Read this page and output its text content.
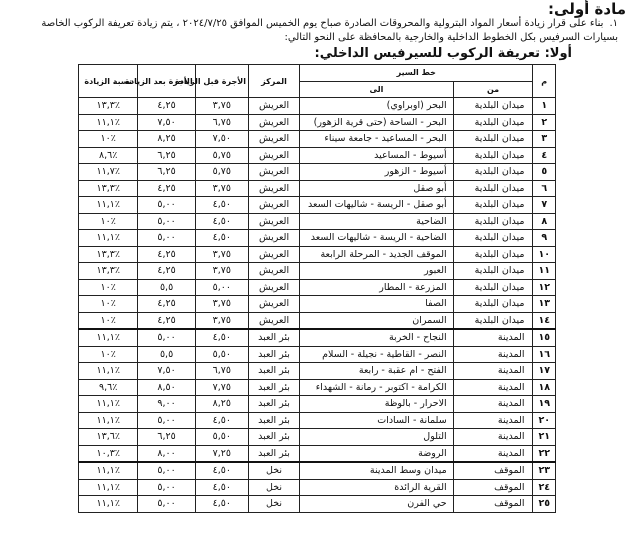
مادة أولى:
١.بناء على قرار زيادة أسعار المواد البترولية والمحروقات الصادرة صباح يوم الخميس الموافق ٢٠٢٤/٧/٢٥ ، يتم زيادة تعريفة الركوب الخاصة بسيارات السرفيس بكل الخطوط الداخلية والخارجية بالمحافظة على النحو التالي:
أولا: تعريفة الركوب للسيرفيس الداخلي:
م	خط السير		المركز	الأجرة قبل الزيادة	الأجرة بعد الزيادة	نسبة الزيادة
	من	الى				
١	ميدان البلدية	البحر (اوبراوي)	العريش	٣,٧٥	٤,٢٥	٪١٣,٣
٢	ميدان البلدية	البحر - الساحة (حتى قرية الزهور)	العريش	٦,٧٥	٧,٥٠	٪١١,١
٣	ميدان البلدية	البحر - المساعيد - جامعة سيناء	العريش	٧,٥٠	٨,٢٥	٪١٠
٤	ميدان البلدية	أسيوط - المساعيد	العريش	٥,٧٥	٦,٢٥	٪٨,٦
٥	ميدان البلدية	أسيوط - الزهور	العريش	٥,٧٥	٦,٢٥	٪١١,٧
٦	ميدان البلدية	أبو صقل	العريش	٣,٧٥	٤,٢٥	٪١٣,٣
٧	ميدان البلدية	أبو صقل - الريسة - شاليهات السعد	العريش	٤,٥٠	٥,٠٠	٪١١,١
٨	ميدان البلدية	الضاحية	العريش	٤,٥٠	٥,٠٠	٪١٠
٩	ميدان البلدية	الضاحية - الريسة - شاليهات السعد	العريش	٤,٥٠	٥,٠٠	٪١١,١
١٠	ميدان البلدية	الموقف الجديد - المرحلة الرابعة	العريش	٣,٧٥	٤,٢٥	٪١٣,٣
١١	ميدان البلدية	العبور	العريش	٣,٧٥	٤,٢٥	٪١٣,٣
١٢	ميدان البلدية	المزرعة - المطار	العريش	٥,٠٠	٥,٥	٪١٠
١٣	ميدان البلدية	الصفا	العريش	٣,٧٥	٤,٢٥	٪١٠
١٤	ميدان البلدية	السمران	العريش	٣,٧٥	٤,٢٥	٪١٠
١٥	المدينة	النجاح - الخربة	بئر العبد	٤,٥٠	٥,٠٠	٪١١,١
١٦	المدينة	النصر - القاطية - نجيلة - السلام	بئر العبد	٥,٥٠	٥,٥	٪١٠
١٧	المدينة	الفتح - ام عقبة - رابعة	بئر العبد	٦,٧٥	٧,٥٠	٪١١,١
١٨	المدينة	الكرامة - اكتوبر - رمانة - الشهداء	بئر العبد	٧,٧٥	٨,٥٠	٪٩,٦
١٩	المدينة	الاحرار - بالوظة	بئر العبد	٨,٢٥	٩,٠٠	٪١١,١
٢٠	المدينة	سلمانة - السادات	بئر العبد	٤,٥٠	٥,٠٠	٪١١,١
٢١	المدينة	التلول	بئر العبد	٥,٥٠	٦,٢٥	٪١٣,٦
٢٢	المدينة	الروضة	بئر العبد	٧,٢٥	٨,٠٠	٪١٠,٣
٢٣	الموقف	ميدان وسط المدينة	نخل	٤,٥٠	٥,٠٠	٪١١,١
٢٤	الموقف	القرية الرائدة	نخل	٤,٥٠	٥,٠٠	٪١١,١
٢٥	الموقف	حي الفرن	نخل	٤,٥٠	٥,٠٠	٪١١,١
